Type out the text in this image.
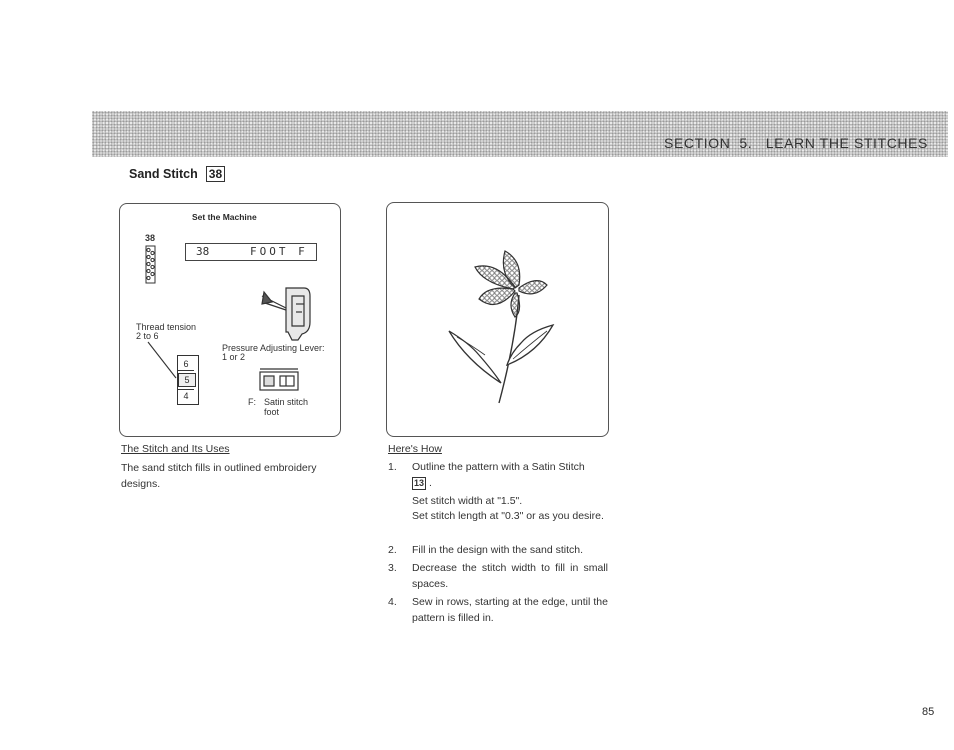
SECTION  5.   LEARN THE STITCHES
Sand Stitch 38
Set the Machine
38
38	FOOT F
Thread tension
2 to 6
Pressure Adjusting Lever:
1 or 2
6
5
4
F: Satin stitch
foot
The Stitch and Its Uses
The sand stitch fills in outlined embroidery designs.
Here's How
1. Outline the pattern with a Satin Stitch
13 .
Set stitch width at "1.5".
Set stitch length at "0.3" or as you desire.
2. Fill in the design with the sand stitch.
3. Decrease the stitch width to fill in small spaces.
4. Sew in rows, starting at the edge, until the pattern is filled in.
85
